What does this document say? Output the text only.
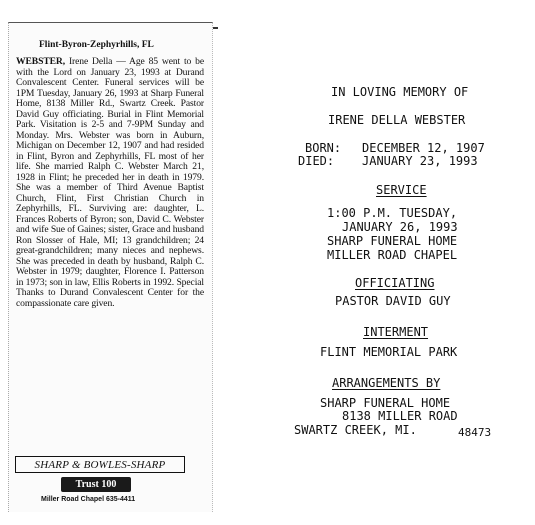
Flint-Byron-Zephyrhills, FL
WEBSTER, Irene Della — Age 85 went to be with the Lord on January 23, 1993 at Durand Convalescent Center. Funeral services will be 1PM Tuesday, January 26, 1993 at Sharp Funeral Home, 8138 Miller Rd., Swartz Creek. Pastor David Guy officiating. Burial in Flint Memorial Park. Visitation is 2-5 and 7-9PM Sunday and Monday. Mrs. Webster was born in Auburn, Michigan on December 12, 1907 and had resided in Flint, Byron and Zephyrhills, FL most of her life. She married Ralph C. Webster March 21, 1928 in Flint; he preceded her in death in 1979. She was a member of Third Avenue Baptist Church, Flint, First Christian Church in Zephyrhills, FL. Surviving are: daughter, L. Frances Roberts of Byron; son, David C. Webster and wife Sue of Gaines; sister, Grace and husband Ron Slosser of Hale, MI; 13 grandchildren; 24 great-grandchildren; many nieces and nephews. She was preceded in death by husband, Ralph C. Webster in 1979; daughter, Florence I. Patterson in 1973; son in law, Ellis Roberts in 1992. Special Thanks to Durand Convalescent Center for the compassionate care given.
SHARP & BOWLES-SHARP
Trust 100
Miller Road Chapel 635-4411
IN LOVING MEMORY OF
IRENE DELLA WEBSTER
BORN: DECEMBER 12, 1907
DIED: JANUARY 23, 1993
SERVICE
1:00 P.M. TUESDAY,
JANUARY 26, 1993
SHARP FUNERAL HOME
MILLER ROAD CHAPEL
OFFICIATING
PASTOR DAVID GUY
INTERMENT
FLINT MEMORIAL PARK
ARRANGEMENTS BY
SHARP FUNERAL HOME
8138 MILLER ROAD
SWARTZ CREEK, MI.	48473
